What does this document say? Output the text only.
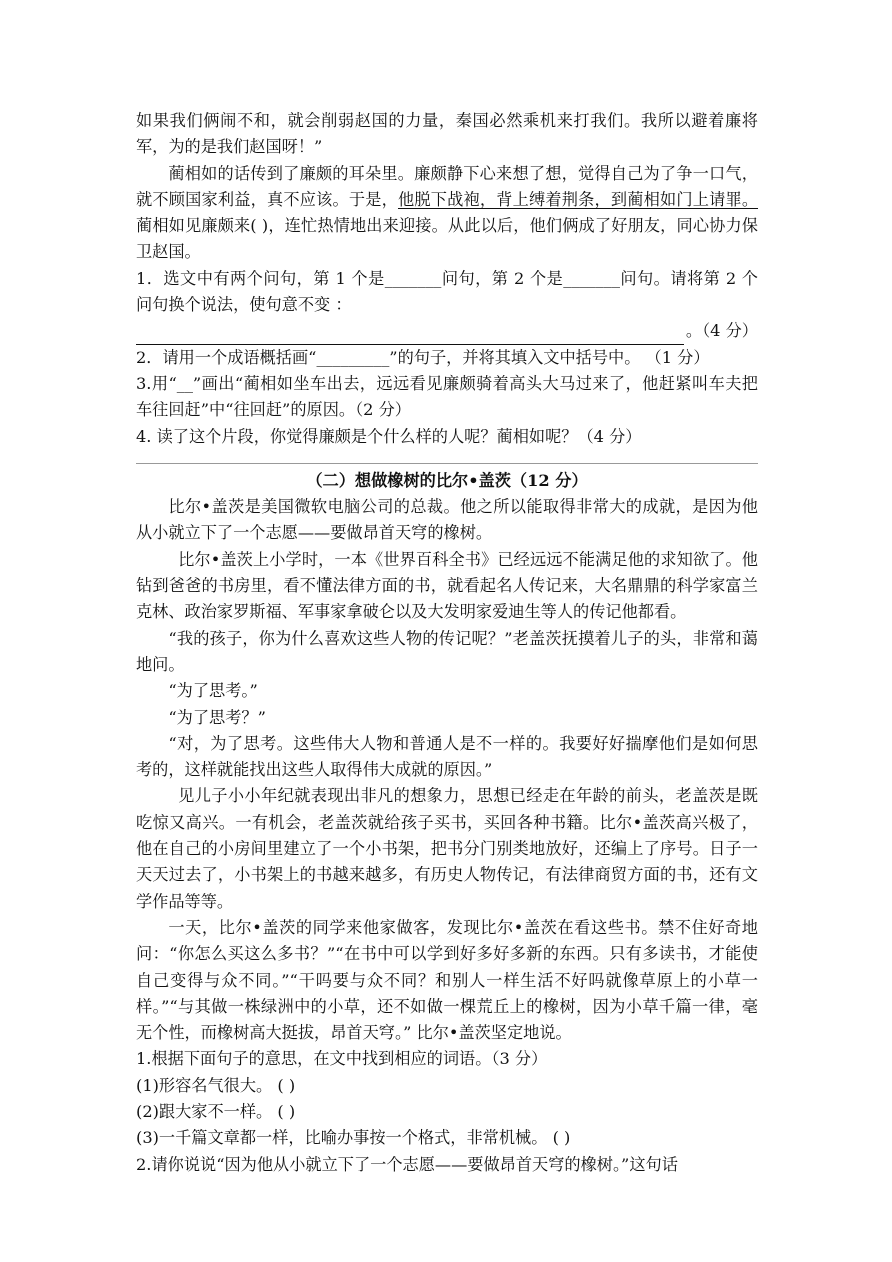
如果我们俩闹不和，就会削弱赵国的力量，秦国必然乘机来打我们。我所以避着廉将军，为的是我们赵国呀！”

蔺相如的话传到了廉颇的耳朵里。廉颇静下心来想了想，觉得自己为了争一口气，就不顾国家利益，真不应该。于是，他脱下战袍，背上缚着荆条，到蔺相如门上请罪。蔺相如见廉颇来( )，连忙热情地出来迎接。从此以后，他们俩成了好朋友，同心协力保卫赵国。

1．选文中有两个问句，第 1 个是_______问句，第 2 个是_______问句。请将第 2 个问句换个说法，使句意不变 ：

。（4 分）

2．请用一个成语概括画“_________”的句子，并将其填入文中括号中。 （1 分）

3.用“__”画出“蔺相如坐车出去，远远看见廉颇骑着高头大马过来了，他赶紧叫车夫把车往回赶”中“往回赶”的原因。（2 分）

4. 读了这个片段，你觉得廉颇是个什么样的人呢？蔺相如呢？（4 分）

（二）想做橡树的比尔•盖茨（12 分）

比尔•盖茨是美国微软电脑公司的总裁。他之所以能取得非常大的成就，是因为他从小就立下了一个志愿——要做昂首天穹的橡树。

比尔•盖茨上小学时，一本《世界百科全书》已经远远不能满足他的求知欲了。他钻到爸爸的书房里，看不懂法律方面的书，就看起名人传记来，大名鼎鼎的科学家富兰克林、政治家罗斯福、军事家拿破仑以及大发明家爱迪生等人的传记他都看。

“我的孩子，你为什么喜欢这些人物的传记呢？”老盖茨抚摸着儿子的头，非常和蔼地问。

“为了思考。”

“为了思考？”

“对，为了思考。这些伟大人物和普通人是不一样的。我要好好揣摩他们是如何思考的，这样就能找出这些人取得伟大成就的原因。”

见儿子小小年纪就表现出非凡的想象力，思想已经走在年龄的前头，老盖茨是既吃惊又高兴。一有机会，老盖茨就给孩子买书，买回各种书籍。比尔•盖茨高兴极了，他在自己的小房间里建立了一个小书架，把书分门别类地放好，还编上了序号。日子一天天过去了，小书架上的书越来越多，有历史人物传记，有法律商贸方面的书，还有文学作品等等。

一天，比尔•盖茨的同学来他家做客，发现比尔•盖茨在看这些书。禁不住好奇地问：“你怎么买这么多书？”“在书中可以学到好多好多新的东西。只有多读书，才能使自己变得与众不同。”“干吗要与众不同？和别人一样生活不好吗就像草原上的小草一样。”“与其做一株绿洲中的小草，还不如做一棵荒丘上的橡树，因为小草千篇一律，毫无个性，而橡树高大挺拔，昂首天穹。” 比尔•盖茨坚定地说。

1.根据下面句子的意思，在文中找到相应的词语。（3 分）

(1)形容名气很大。 ( )

(2)跟大家不一样。 ( )

(3)一千篇文章都一样，比喻办事按一个格式，非常机械。 ( )

2.请你说说“因为他从小就立下了一个志愿——要做昂首天穹的橡树。”这句话
